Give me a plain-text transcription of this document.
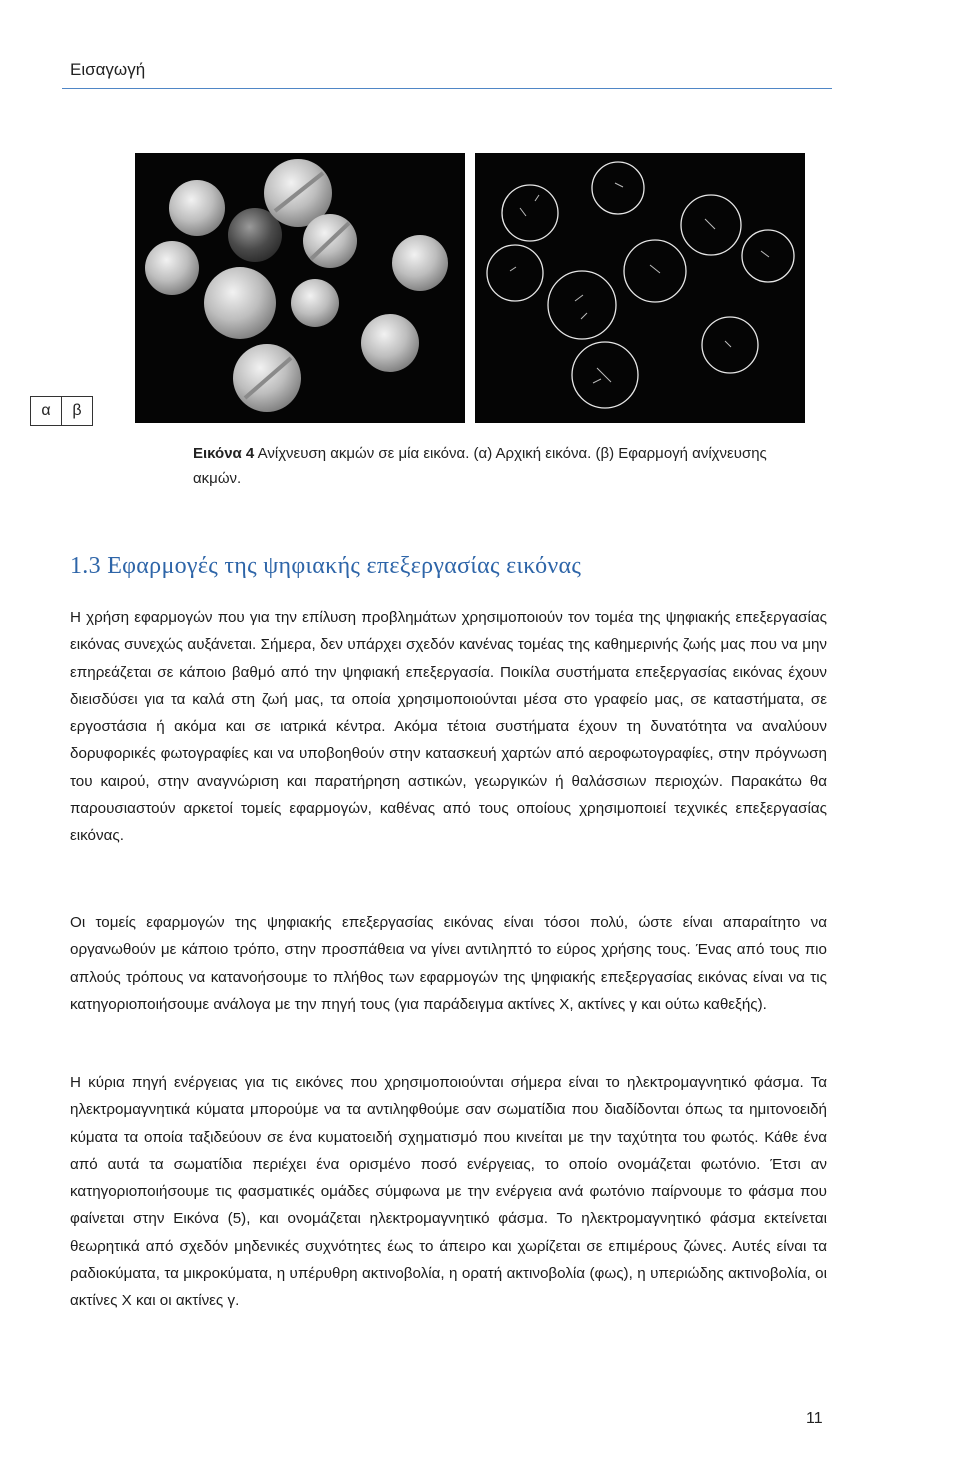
Εισαγωγή
α	β
Εικόνα 4 Ανίχνευση ακμών σε μία εικόνα. (α) Αρχική εικόνα. (β) Εφαρμογή ανίχνευσης ακμών.
1.3 Εφαρμογές της ψηφιακής επεξεργασίας εικόνας

Η χρήση εφαρμογών που για την επίλυση προβλημάτων χρησιμοποιούν τον τομέα της ψηφιακής επεξεργασίας εικόνας συνεχώς αυξάνεται. Σήμερα, δεν υπάρχει σχεδόν κανένας τομέας της καθημερινής ζωής μας που να μην επηρεάζεται σε κάποιο βαθμό από την ψηφιακή επεξεργασία. Ποικίλα συστήματα επεξεργασίας εικόνας έχουν διεισδύσει για τα καλά στη ζωή μας, τα οποία χρησιμοποιούνται μέσα στο γραφείο μας, σε καταστήματα, σε εργοστάσια ή ακόμα και σε ιατρικά κέντρα. Ακόμα τέτοια συστήματα έχουν τη δυνατότητα να αναλύουν δορυφορικές φωτογραφίες και να υποβοηθούν στην κατασκευή χαρτών από αεροφωτογραφίες, στην πρόγνωση του καιρού, στην αναγνώριση και παρατήρηση αστικών, γεωργικών ή θαλάσσιων περιοχών. Παρακάτω θα παρουσιαστούν αρκετοί τομείς εφαρμογών, καθένας από τους οποίους χρησιμοποιεί τεχνικές επεξεργασίας εικόνας.

Οι τομείς εφαρμογών της ψηφιακής επεξεργασίας εικόνας είναι τόσοι πολύ, ώστε είναι απαραίτητο να οργανωθούν με κάποιο τρόπο, στην προσπάθεια να γίνει αντιληπτό το εύρος χρήσης τους. Ένας από τους πιο απλούς τρόπους να κατανοήσουμε το πλήθος των εφαρμογών της ψηφιακής επεξεργασίας εικόνας είναι να τις κατηγοριοποιήσουμε ανάλογα με την πηγή τους (για παράδειγμα ακτίνες X, ακτίνες γ και ούτω καθεξής).

Η κύρια πηγή ενέργειας για τις εικόνες που χρησιμοποιούνται σήμερα είναι το ηλεκτρομαγνητικό φάσμα. Τα ηλεκτρομαγνητικά κύματα μπορούμε να τα αντιληφθούμε σαν σωματίδια που διαδίδονται όπως τα ημιτονοειδή κύματα τα οποία ταξιδεύουν σε ένα κυματοειδή σχηματισμό που κινείται με την ταχύτητα του φωτός. Κάθε ένα από αυτά τα σωματίδια περιέχει ένα ορισμένο ποσό ενέργειας, το οποίο ονομάζεται φωτόνιο. Έτσι αν κατηγοριοποιήσουμε τις φασματικές ομάδες σύμφωνα με την ενέργεια ανά φωτόνιο παίρνουμε το φάσμα που φαίνεται στην Εικόνα (5), και ονομάζεται ηλεκτρομαγνητικό φάσμα. Το ηλεκτρομαγνητικό φάσμα εκτείνεται θεωρητικά από σχεδόν μηδενικές συχνότητες έως το άπειρο και χωρίζεται σε επιμέρους ζώνες. Αυτές είναι τα ραδιοκύματα, τα μικροκύματα, η υπέρυθρη ακτινοβολία, η ορατή ακτινοβολία (φως), η υπεριώδης ακτινοβολία, οι ακτίνες X και οι ακτίνες γ.

11
